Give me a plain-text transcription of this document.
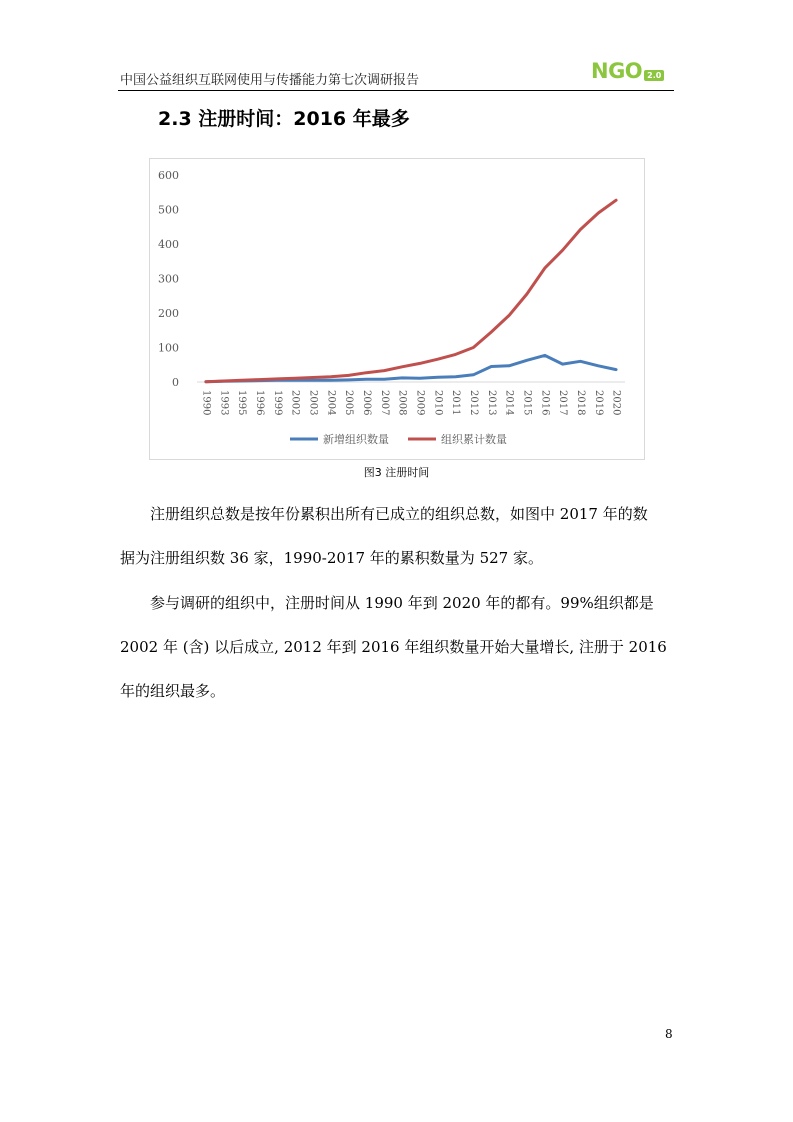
中国公益组织互联网使用与传播能力第七次调研报告	NGO 2.0
2.3 注册时间：2016 年最多
0
100
200
300
400
500
600
1990 1993 1995 1996 1999 2002 2003 2004 2005 2006 2007 2008 2009 2010 2011 2012 2013 2014 2015 2016 2017 2018 2019 2020
新增组织数量	组织累计数量
图3 注册时间
注册组织总数是按年份累积出所有已成立的组织总数，如图中 2017 年的数
据为注册组织数 36 家，1990-2017 年的累积数量为 527 家。
参与调研的组织中，注册时间从 1990 年到 2020 年的都有。99%组织都是
2002 年 (含) 以后成立, 2012 年到 2016 年组织数量开始大量增长, 注册于 2016
年的组织最多。
8
